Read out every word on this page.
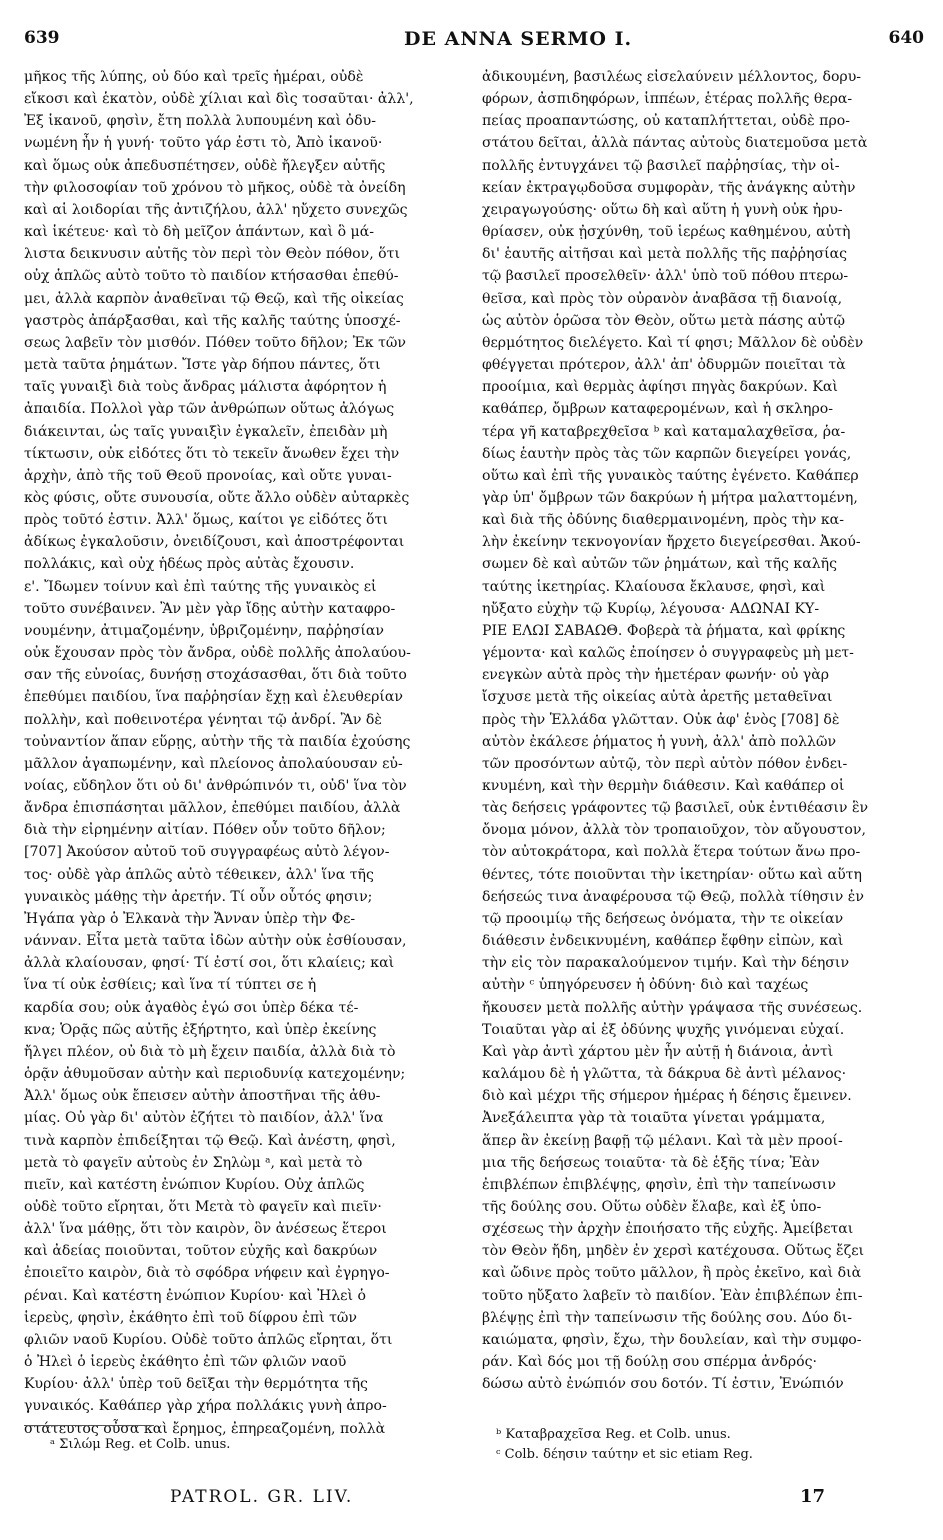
639	DE ANNA SERMO I.	640
μῆκος τῆς λύπης, οὐ δύο καὶ τρεῖς ἡμέραι, οὐδὲ
εἴκοσι καὶ ἑκατὸν, οὐδὲ χίλιαι καὶ δὶς τοσαῦται· ἀλλ',
Ἐξ ἱκανοῦ, φησὶν, ἔτη πολλὰ λυπουμένη καὶ ὀδυ-
νωμένη ἦν ἡ γυνή· τοῦτο γάρ ἐστι τὸ, Ἀπὸ ἱκανοῦ·
καὶ ὅμως οὐκ ἀπεδυσπέτησεν, οὐδὲ ἤλεγξεν αὐτῆς
τὴν φιλοσοφίαν τοῦ χρόνου τὸ μῆκος, οὐδὲ τὰ ὀνείδη
καὶ αἱ λοιδορίαι τῆς ἀντιζήλου, ἀλλ' ηὔχετο συνεχῶς
καὶ ἱκέτευε· καὶ τὸ δὴ μεῖζον ἁπάντων, καὶ ὃ μά-
λιστα δεικνυσιν αὐτῆς τὸν περὶ τὸν Θεὸν πόθον, ὅτι
οὐχ ἁπλῶς αὐτὸ τοῦτο τὸ παιδίον κτήσασθαι ἐπεθύ-
μει, ἀλλὰ καρπὸν ἀναθεῖναι τῷ Θεῷ, καὶ τῆς οἰκείας
γαστρὸς ἀπάρξασθαι, καὶ τῆς καλῆς ταύτης ὑποσχέ-
σεως λαβεῖν τὸν μισθόν. Πόθεν τοῦτο δῆλον; Ἐκ τῶν
μετὰ ταῦτα ῥημάτων. Ἴστε γὰρ δήπου πάντες, ὅτι
ταῖς γυναιξὶ διὰ τοὺς ἄνδρας μάλιστα ἀφόρητον ἡ
ἀπαιδία. Πολλοὶ γὰρ τῶν ἀνθρώπων οὕτως ἀλόγως
διάκεινται, ὡς ταῖς γυναιξὶν ἐγκαλεῖν, ἐπειδὰν μὴ
τίκτωσιν, οὐκ εἰδότες ὅτι τὸ τεκεῖν ἄνωθεν ἔχει τὴν
ἀρχὴν, ἀπὸ τῆς τοῦ Θεοῦ προνοίας, καὶ οὔτε γυναι-
κὸς φύσις, οὔτε συνουσία, οὔτε ἄλλο οὐδὲν αὐταρκὲς
πρὸς τοῦτό ἐστιν. Ἀλλ' ὅμως, καίτοι γε εἰδότες ὅτι
ἀδίκως ἐγκαλοῦσιν, ὀνειδίζουσι, καὶ ἀποστρέφονται
πολλάκις, καὶ οὐχ ἡδέως πρὸς αὐτὰς ἔχουσιν.
ε'. Ἴδωμεν τοίνυν καὶ ἐπὶ ταύτης τῆς γυναικὸς εἰ
τοῦτο συνέβαινεν. Ἂν μὲν γὰρ ἴδῃς αὐτὴν καταφρο-
νουμένην, ἀτιμαζομένην, ὑβριζομένην, παῤῥησίαν
οὐκ ἔχουσαν πρὸς τὸν ἄνδρα, οὐδὲ πολλῆς ἀπολαύου-
σαν τῆς εὐνοίας, δυνήσῃ στοχάσασθαι, ὅτι διὰ τοῦτο
ἐπεθύμει παιδίου, ἵνα παῤῥησίαν ἔχῃ καὶ ἐλευθερίαν
πολλὴν, καὶ ποθεινοτέρα γένηται τῷ ἀνδρί. Ἂν δὲ
τοὐναντίον ἅπαν εὕρῃς, αὐτὴν τῆς τὰ παιδία ἐχούσης
μᾶλλον ἀγαπωμένην, καὶ πλείονος ἀπολαύουσαν εὐ-
νοίας, εὔδηλον ὅτι οὐ δι' ἀνθρώπινόν τι, οὐδ' ἵνα τὸν
ἄνδρα ἐπισπάσηται μᾶλλον, ἐπεθύμει παιδίου, ἀλλὰ
διὰ τὴν εἰρημένην αἰτίαν. Πόθεν οὖν τοῦτο δῆλον;
[707] Ἀκούσον αὐτοῦ τοῦ συγγραφέως αὐτὸ λέγον-
τος· οὐδὲ γὰρ ἁπλῶς αὐτὸ τέθεικεν, ἀλλ' ἵνα τῆς
γυναικὸς μάθῃς τὴν ἀρετήν. Τί οὖν οὗτός φησιν;
Ἠγάπα γὰρ ὁ Ἐλκανὰ τὴν Ἄνναν ὑπὲρ τὴν Φε-
νάνναν. Εἶτα μετὰ ταῦτα ἰδὼν αὐτὴν οὐκ ἐσθίουσαν,
ἀλλὰ κλαίουσαν, φησί· Τί ἐστί σοι, ὅτι κλαίεις; καὶ
ἵνα τί οὐκ ἐσθίεις; καὶ ἵνα τί τύπτει σε ἡ
καρδία σου; οὐκ ἀγαθὸς ἐγώ σοι ὑπὲρ δέκα τέ-
κνα; Ὁρᾷς πῶς αὐτῆς ἐξήρτητο, καὶ ὑπὲρ ἐκείνης
ἤλγει πλέον, οὐ διὰ τὸ μὴ ἔχειν παιδία, ἀλλὰ διὰ τὸ
ὁρᾷν ἀθυμοῦσαν αὐτὴν καὶ περιοδυνίᾳ κατεχομένην;
Ἀλλ' ὅμως οὐκ ἔπεισεν αὐτὴν ἀποστῆναι τῆς ἀθυ-
μίας. Οὐ γὰρ δι' αὐτὸν ἐζήτει τὸ παιδίον, ἀλλ' ἵνα
τινὰ καρπὸν ἐπιδείξηται τῷ Θεῷ. Καὶ ἀνέστη, φησὶ,
μετὰ τὸ φαγεῖν αὐτοὺς ἐν Σηλὼμ ᵃ, καὶ μετὰ τὸ
πιεῖν, καὶ κατέστη ἐνώπιον Κυρίου. Οὐχ ἁπλῶς
οὐδὲ τοῦτο εἴρηται, ὅτι Μετὰ τὸ φαγεῖν καὶ πιεῖν·
ἀλλ' ἵνα μάθῃς, ὅτι τὸν καιρὸν, ὃν ἀνέσεως ἕτεροι
καὶ ἀδείας ποιοῦνται, τοῦτον εὐχῆς καὶ δακρύων
ἐποιεῖτο καιρὸν, διὰ τὸ σφόδρα νήφειν καὶ ἐγρηγο-
ρέναι. Καὶ κατέστη ἐνώπιον Κυρίου· καὶ Ἠλεὶ ὁ
ἱερεὺς, φησὶν, ἐκάθητο ἐπὶ τοῦ δίφρου ἐπὶ τῶν
φλιῶν ναοῦ Κυρίου. Οὐδὲ τοῦτο ἁπλῶς εἴρηται, ὅτι
ὁ Ἠλεὶ ὁ ἱερεὺς ἐκάθητο ἐπὶ τῶν φλιῶν ναοῦ
Κυρίου· ἀλλ' ὑπὲρ τοῦ δεῖξαι τὴν θερμότητα τῆς
γυναικός. Καθάπερ γὰρ χήρα πολλάκις γυνὴ ἀπρο-
στάτευτος οὖσα καὶ ἔρημος, ἐπηρεαζομένη, πολλὰ
ἀδικουμένη, βασιλέως εἰσελαύνειν μέλλοντος, δορυ-
φόρων, ἀσπιδηφόρων, ἱππέων, ἑτέρας πολλῆς θερα-
πείας προαπαντώσης, οὐ καταπλήττεται, οὐδὲ προ-
στάτου δεῖται, ἀλλὰ πάντας αὐτοὺς διατεμοῦσα μετὰ
πολλῆς ἐντυγχάνει τῷ βασιλεῖ παῤῥησίας, τὴν οἰ-
κείαν ἐκτραγῳδοῦσα συμφορὰν, τῆς ἀνάγκης αὐτὴν
χειραγωγούσης· οὕτω δὴ καὶ αὕτη ἡ γυνὴ οὐκ ἠρυ-
θρίασεν, οὐκ ᾐσχύνθη, τοῦ ἱερέως καθημένου, αὐτὴ
δι' ἑαυτῆς αἰτῆσαι καὶ μετὰ πολλῆς τῆς παῤῥησίας
τῷ βασιλεῖ προσελθεῖν· ἀλλ' ὑπὸ τοῦ πόθου πτερω-
θεῖσα, καὶ πρὸς τὸν οὐρανὸν ἀναβᾶσα τῇ διανοίᾳ,
ὡς αὐτὸν ὁρῶσα τὸν Θεὸν, οὕτω μετὰ πάσης αὐτῷ
θερμότητος διελέγετο. Καὶ τί φησι; Μᾶλλον δὲ οὐδὲν
φθέγγεται πρότερον, ἀλλ' ἀπ' ὀδυρμῶν ποιεῖται τὰ
προοίμια, καὶ θερμὰς ἀφίησι πηγὰς δακρύων. Καὶ
καθάπερ, ὄμβρων καταφερομένων, καὶ ἡ σκληρο-
τέρα γῆ καταβρεχθεῖσα ᵇ καὶ καταμαλαχθεῖσα, ῥα-
δίως ἑαυτὴν πρὸς τὰς τῶν καρπῶν διεγείρει γονάς,
οὕτω καὶ ἐπὶ τῆς γυναικὸς ταύτης ἐγένετο. Καθάπερ
γὰρ ὑπ' ὄμβρων τῶν δακρύων ἡ μήτρα μαλαττομένη,
καὶ διὰ τῆς ὀδύνης διαθερμαινομένη, πρὸς τὴν κα-
λὴν ἐκείνην τεκνογονίαν ἤρχετο διεγείρεσθαι. Ἀκού-
σωμεν δὲ καὶ αὐτῶν τῶν ῥημάτων, καὶ τῆς καλῆς
ταύτης ἱκετηρίας. Κλαίουσα ἔκλαυσε, φησὶ, καὶ
ηὔξατο εὐχὴν τῷ Κυρίῳ, λέγουσα· ΑΔΩΝΑΙ ΚΥ-
ΡΙΕ ΕΛΩΙ ΣΑΒΑΩΘ. Φοβερὰ τὰ ῥήματα, καὶ φρίκης
γέμοντα· καὶ καλῶς ἐποίησεν ὁ συγγραφεὺς μὴ μετ-
ενεγκὼν αὐτὰ πρὸς τὴν ἡμετέραν φωνήν· οὐ γὰρ
ἴσχυσε μετὰ τῆς οἰκείας αὐτὰ ἀρετῆς μεταθεῖναι
πρὸς τὴν Ἑλλάδα γλῶτταν. Οὐκ ἀφ' ἑνὸς [708] δὲ
αὐτὸν ἐκάλεσε ῥήματος ἡ γυνὴ, ἀλλ' ἀπὸ πολλῶν
τῶν προσόντων αὐτῷ, τὸν περὶ αὐτὸν πόθον ἐνδει-
κνυμένη, καὶ τὴν θερμὴν διάθεσιν. Καὶ καθάπερ οἱ
τὰς δεήσεις γράφοντες τῷ βασιλεῖ, οὐκ ἐντιθέασιν ἓν
ὄνομα μόνον, ἀλλὰ τὸν τροπαιοῦχον, τὸν αὔγουστον,
τὸν αὐτοκράτορα, καὶ πολλὰ ἕτερα τούτων ἄνω προ-
θέντες, τότε ποιοῦνται τὴν ἱκετηρίαν· οὕτω καὶ αὕτη
δεήσεώς τινα ἀναφέρουσα τῷ Θεῷ, πολλὰ τίθησιν ἐν
τῷ προοιμίῳ τῆς δεήσεως ὀνόματα, τὴν τε οἰκείαν
διάθεσιν ἐνδεικνυμένη, καθάπερ ἔφθην εἰπὼν, καὶ
τὴν εἰς τὸν παρακαλούμενον τιμήν. Καὶ τὴν δέησιν
αὐτὴν ᶜ ὑπηγόρευσεν ἡ ὀδύνη· διὸ καὶ ταχέως
ἤκουσεν μετὰ πολλῆς αὐτὴν γράψασα τῆς συνέσεως.
Τοιαῦται γὰρ αἱ ἐξ ὀδύνης ψυχῆς γινόμεναι εὐχαί.
Καὶ γὰρ ἀντὶ χάρτου μὲν ἦν αὐτῇ ἡ διάνοια, ἀντὶ
καλάμου δὲ ἡ γλῶττα, τὰ δάκρυα δὲ ἀντὶ μέλανος·
διὸ καὶ μέχρι τῆς σήμερον ἡμέρας ἡ δέησις ἔμεινεν.
Ἀνεξάλειπτα γὰρ τὰ τοιαῦτα γίνεται γράμματα,
ἅπερ ἂν ἐκείνῃ βαφῇ τῷ μέλανι. Καὶ τὰ μὲν προοί-
μια τῆς δεήσεως τοιαῦτα· τὰ δὲ ἑξῆς τίνα; Ἐὰν
ἐπιβλέπων ἐπιβλέψῃς, φησὶν, ἐπὶ τὴν ταπείνωσιν
τῆς δούλης σου. Οὕτω οὐδὲν ἔλαβε, καὶ ἐξ ὑπο-
σχέσεως τὴν ἀρχὴν ἐποιήσατο τῆς εὐχῆς. Ἀμείβεται
τὸν Θεὸν ἤδη, μηδὲν ἐν χερσὶ κατέχουσα. Οὕτως ἔζει
καὶ ὤδινε πρὸς τοῦτο μᾶλλον, ἢ πρὸς ἐκεῖνο, καὶ διὰ
τοῦτο ηὔξατο λαβεῖν τὸ παιδίον. Ἐὰν ἐπιβλέπων ἐπι-
βλέψῃς ἐπὶ τὴν ταπείνωσιν τῆς δούλης σου. Δύο δι-
καιώματα, φησὶν, ἔχω, τὴν δουλείαν, καὶ τὴν συμφο-
ράν. Καὶ δός μοι τῇ δούλῃ σου σπέρμα ἀνδρός·
δώσω αὐτὸ ἐνώπιόν σου δοτόν. Τί ἐστιν, Ἐνώπιόν
ᵃ Σιλώμ Reg. et Colb. unus.
ᵇ Καταβραχεῖσα Reg. et Colb. unus.
ᶜ Colb. δέησιν ταύτην et sic etiam Reg.
PATROL. GR. LIV.	17
